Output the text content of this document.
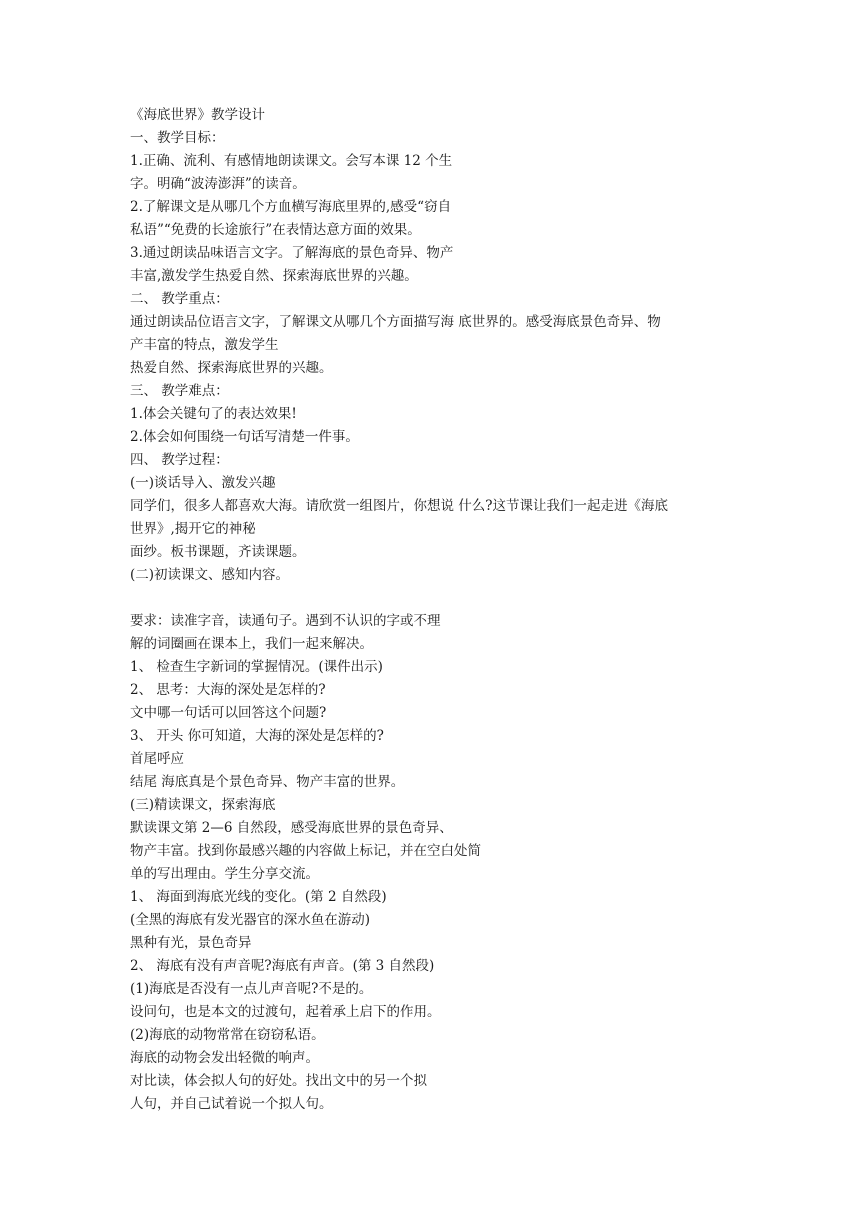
《海底世界》教学设计
一、教学目标：
1.正确、流利、有感情地朗读课文。会写本课 12 个生
字。明确“波涛澎湃”的读音。
2.了解课文是从哪几个方血横写海底里界的,感受“窃自
私语”“免费的长途旅行”在表情达意方面的效果。
3.通过朗读品味语言文字。了解海底的景色奇异、物产
丰富,激发学生热爱自然、探索海底世界的兴趣。
二、 教学重点：
通过朗读品位语言文字，了解课文从哪几个方面描写海 底世界的。感受海底景色奇异、物
产丰富的特点，激发学生
热爱自然、探索海底世界的兴趣。
三、 教学难点：
1.体会关键句了的表达效果!
2.体会如何围绕一句话写清楚一件事。
四、 教学过程：
(一)谈话导入、激发兴趣
同学们，很多人都喜欢大海。请欣赏一组图片，你想说 什么?这节课让我们一起走进《海底
世界》,揭开它的神秘
面纱。板书课题，齐读课题。
(二)初读课文、感知内容。
要求：读准字音，读通句子。遇到不认识的字或不理
解的词圈画在课本上，我们一起来解决。
1、 检查生字新词的掌握情况。(课件出示)
2、 思考：大海的深处是怎样的?
文中哪一句话可以回答这个问题?
3、 开头 你可知道，大海的深处是怎样的?
首尾呼应
结尾 海底真是个景色奇异、物产丰富的世界。
(三)精读课文，探索海底
默读课文第 2—6 自然段，感受海底世界的景色奇异、
物产丰富。找到你最感兴趣的内容做上标记，并在空白处简
单的写出理由。学生分享交流。
1、 海面到海底光线的变化。(第 2 自然段)
(全黑的海底有发光器官的深水鱼在游动)
黑种有光，景色奇异
2、 海底有没有声音呢?海底有声音。(第 3 自然段)
(1)海底是否没有一点儿声音呢?不是的。
设问句，也是本文的过渡句，起着承上启下的作用。
(2)海底的动物常常在窃窃私语。
海底的动物会发出轻微的响声。
对比读，体会拟人句的好处。找出文中的另一个拟
人句，并自己试着说一个拟人句。
